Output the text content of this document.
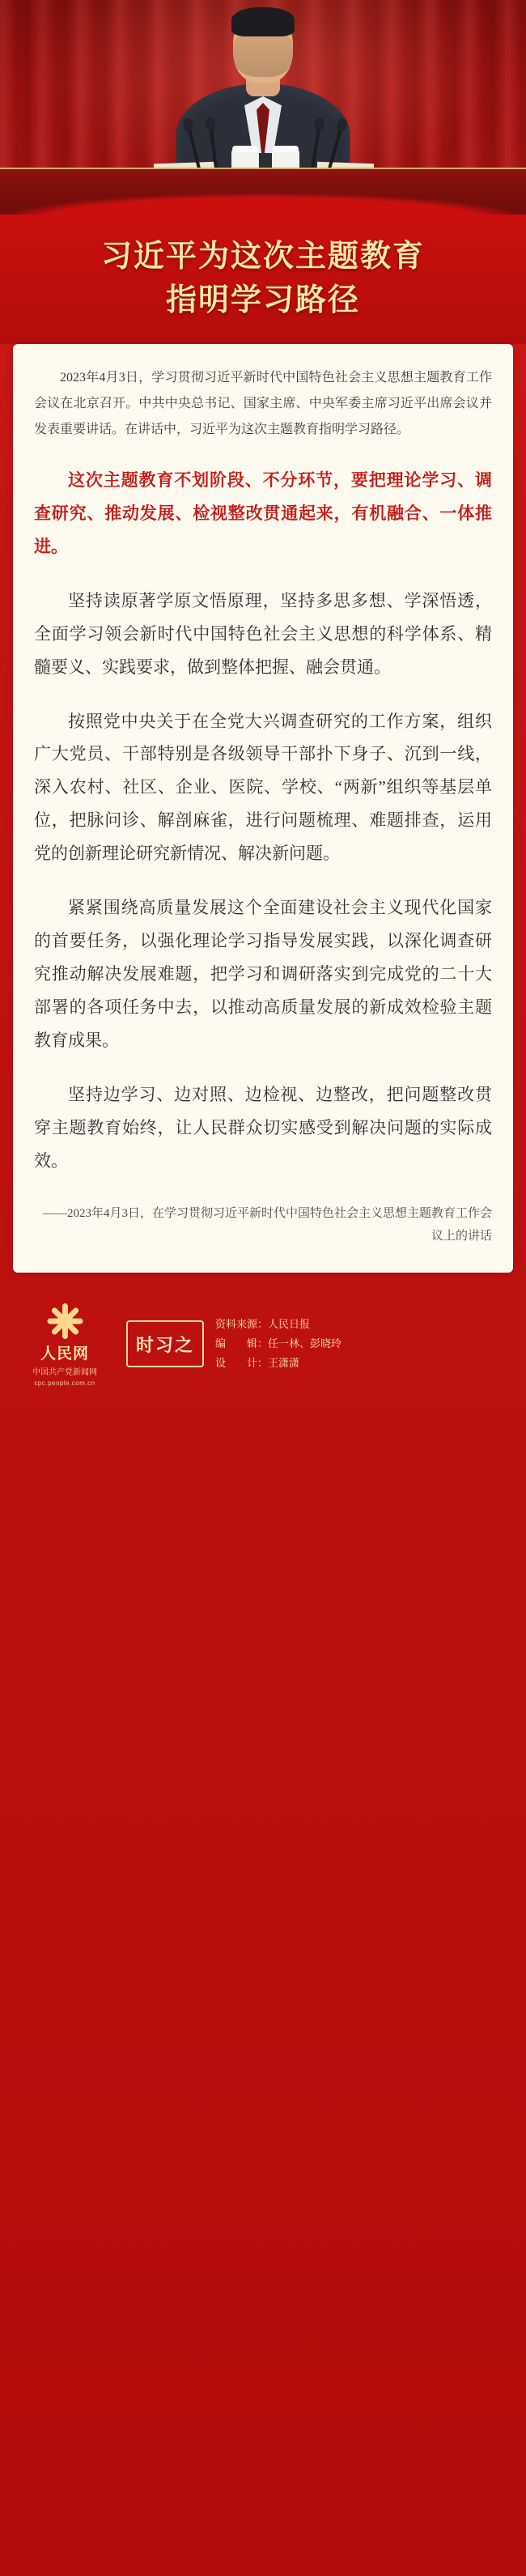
习近平为这次主题教育
指明学习路径

2023年4月3日，学习贯彻习近平新时代中国特色社会主义思想主题教育工作会议在北京召开。中共中央总书记、国家主席、中央军委主席习近平出席会议并发表重要讲话。在讲话中，习近平为这次主题教育指明学习路径。

这次主题教育不划阶段、不分环节，要把理论学习、调查研究、推动发展、检视整改贯通起来，有机融合、一体推进。

坚持读原著学原文悟原理，坚持多思多想、学深悟透，全面学习领会新时代中国特色社会主义思想的科学体系、精髓要义、实践要求，做到整体把握、融会贯通。

按照党中央关于在全党大兴调查研究的工作方案，组织广大党员、干部特别是各级领导干部扑下身子、沉到一线，深入农村、社区、企业、医院、学校、“两新”组织等基层单位，把脉问诊、解剖麻雀，进行问题梳理、难题排查，运用党的创新理论研究新情况、解决新问题。

紧紧围绕高质量发展这个全面建设社会主义现代化国家的首要任务，以强化理论学习指导发展实践，以深化调查研究推动解决发展难题，把学习和调研落实到完成党的二十大部署的各项任务中去，以推动高质量发展的新成效检验主题教育成果。

坚持边学习、边对照、边检视、边整改，把问题整改贯穿主题教育始终，让人民群众切实感受到解决问题的实际成效。

——2023年4月3日，在学习贯彻习近平新时代中国特色社会主义思想主题教育工作会议上的讲话

人民网
中国共产党新闻网
cpc.people.com.cn
时习之
资料来源：人民日报
编　　辑：任一林、彭晓玲
设　　计：王潇潇
